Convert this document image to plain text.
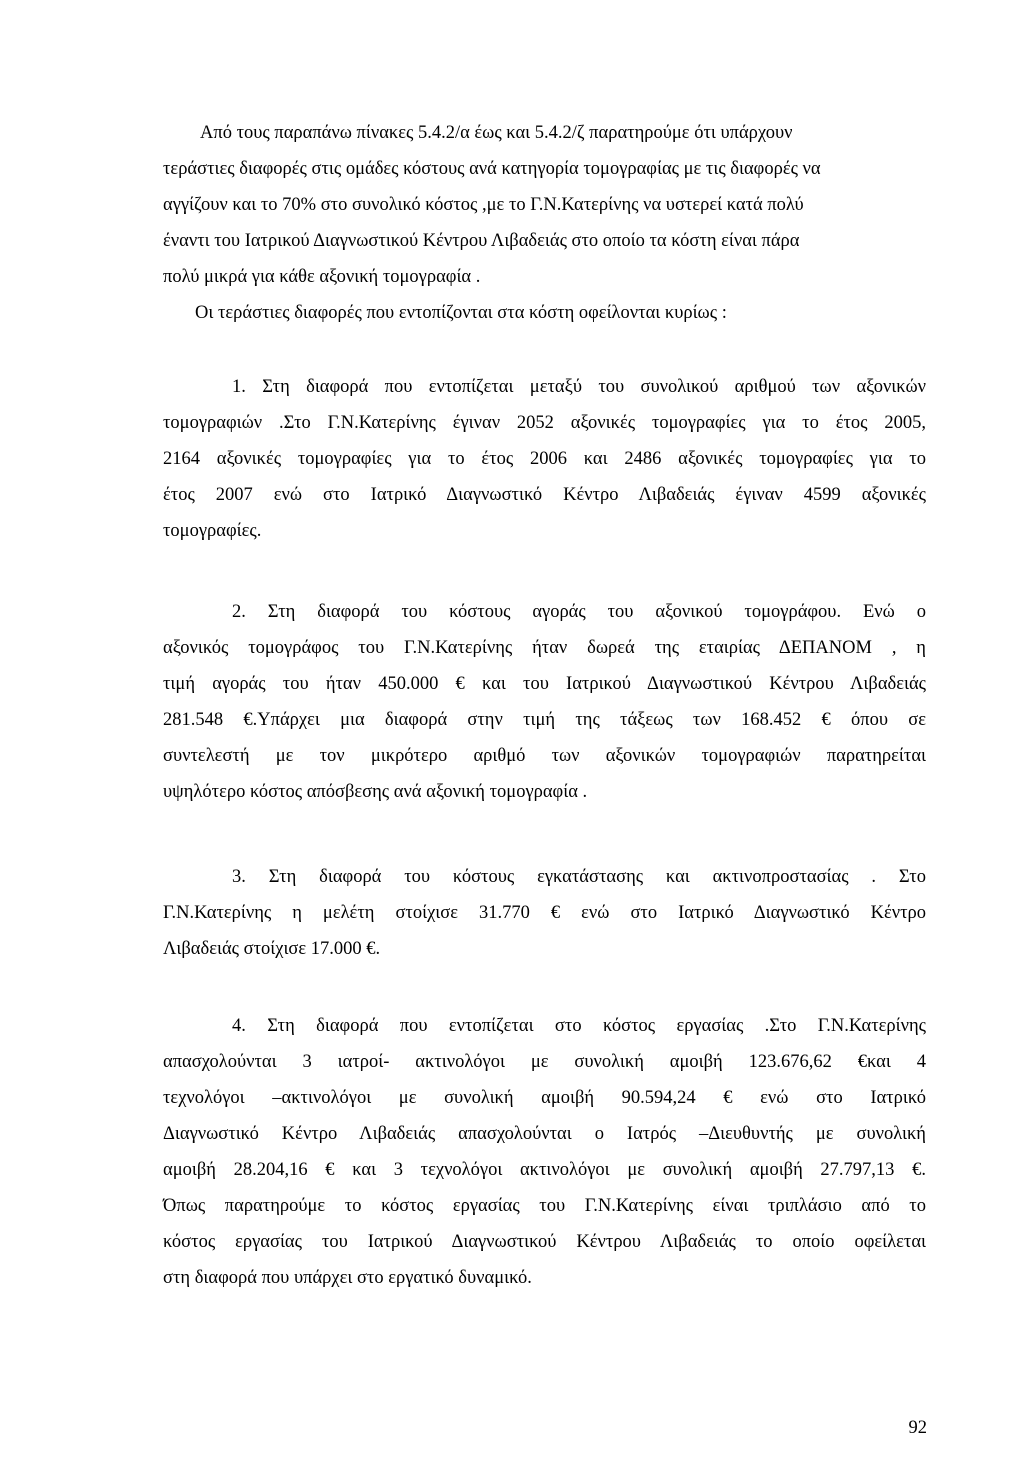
Από τους παραπάνω πίνακες 5.4.2/α έως και 5.4.2/ζ παρατηρούμε ότι υπάρχουν
τεράστιες διαφορές στις ομάδες κόστους ανά κατηγορία τομογραφίας με τις διαφορές να
αγγίζουν και το 70% στο συνολικό κόστος ,με το Γ.Ν.Κατερίνης να υστερεί κατά πολύ
έναντι του Ιατρικού Διαγνωστικού Κέντρου Λιβαδειάς στο οποίο τα κόστη είναι πάρα
πολύ μικρά για κάθε αξονική τομογραφία .
Οι τεράστιες διαφορές που εντοπίζονται στα κόστη οφείλονται κυρίως :
1. Στη διαφορά που εντοπίζεται μεταξύ του συνολικού αριθμού των αξονικών
τομογραφιών .Στο Γ.Ν.Κατερίνης έγιναν 2052 αξονικές τομογραφίες για το έτος 2005,
2164 αξονικές τομογραφίες για το έτος 2006 και 2486 αξονικές τομογραφίες για το
έτος 2007 ενώ στο Ιατρικό Διαγνωστικό Κέντρο Λιβαδειάς έγιναν 4599 αξονικές
τομογραφίες.
2. Στη διαφορά του κόστους αγοράς του αξονικού τομογράφου. Ενώ ο
αξονικός τομογράφος του Γ.Ν.Κατερίνης ήταν δωρεά της εταιρίας ΔΕΠΑΝΟΜ , η
τιμή αγοράς του ήταν 450.000 € και του Ιατρικού Διαγνωστικού Κέντρου Λιβαδειάς
281.548 €.Υπάρχει μια διαφορά στην τιμή της τάξεως των 168.452 € όπου σε
συντελεστή με τον μικρότερο αριθμό των αξονικών τομογραφιών παρατηρείται
υψηλότερο κόστος απόσβεσης ανά αξονική τομογραφία .
3. Στη διαφορά του κόστους εγκατάστασης και ακτινοπροστασίας . Στο
Γ.Ν.Κατερίνης η μελέτη στοίχισε 31.770 € ενώ στο Ιατρικό Διαγνωστικό Κέντρο
Λιβαδειάς στοίχισε 17.000 €.
4. Στη διαφορά που εντοπίζεται στο κόστος εργασίας .Στο Γ.Ν.Κατερίνης
απασχολούνται 3 ιατροί- ακτινολόγοι με συνολική αμοιβή 123.676,62 €και 4
τεχνολόγοι –ακτινολόγοι με συνολική αμοιβή 90.594,24 € ενώ στο Ιατρικό
Διαγνωστικό Κέντρο Λιβαδειάς απασχολούνται ο Ιατρός –Διευθυντής με συνολική
αμοιβή 28.204,16 € και 3 τεχνολόγοι ακτινολόγοι με συνολική αμοιβή 27.797,13 €.
Όπως παρατηρούμε το κόστος εργασίας του Γ.Ν.Κατερίνης είναι τριπλάσιο από το
κόστος εργασίας του Ιατρικού Διαγνωστικού Κέντρου Λιβαδειάς το οποίο οφείλεται
στη διαφορά που υπάρχει στο εργατικό δυναμικό.
92
